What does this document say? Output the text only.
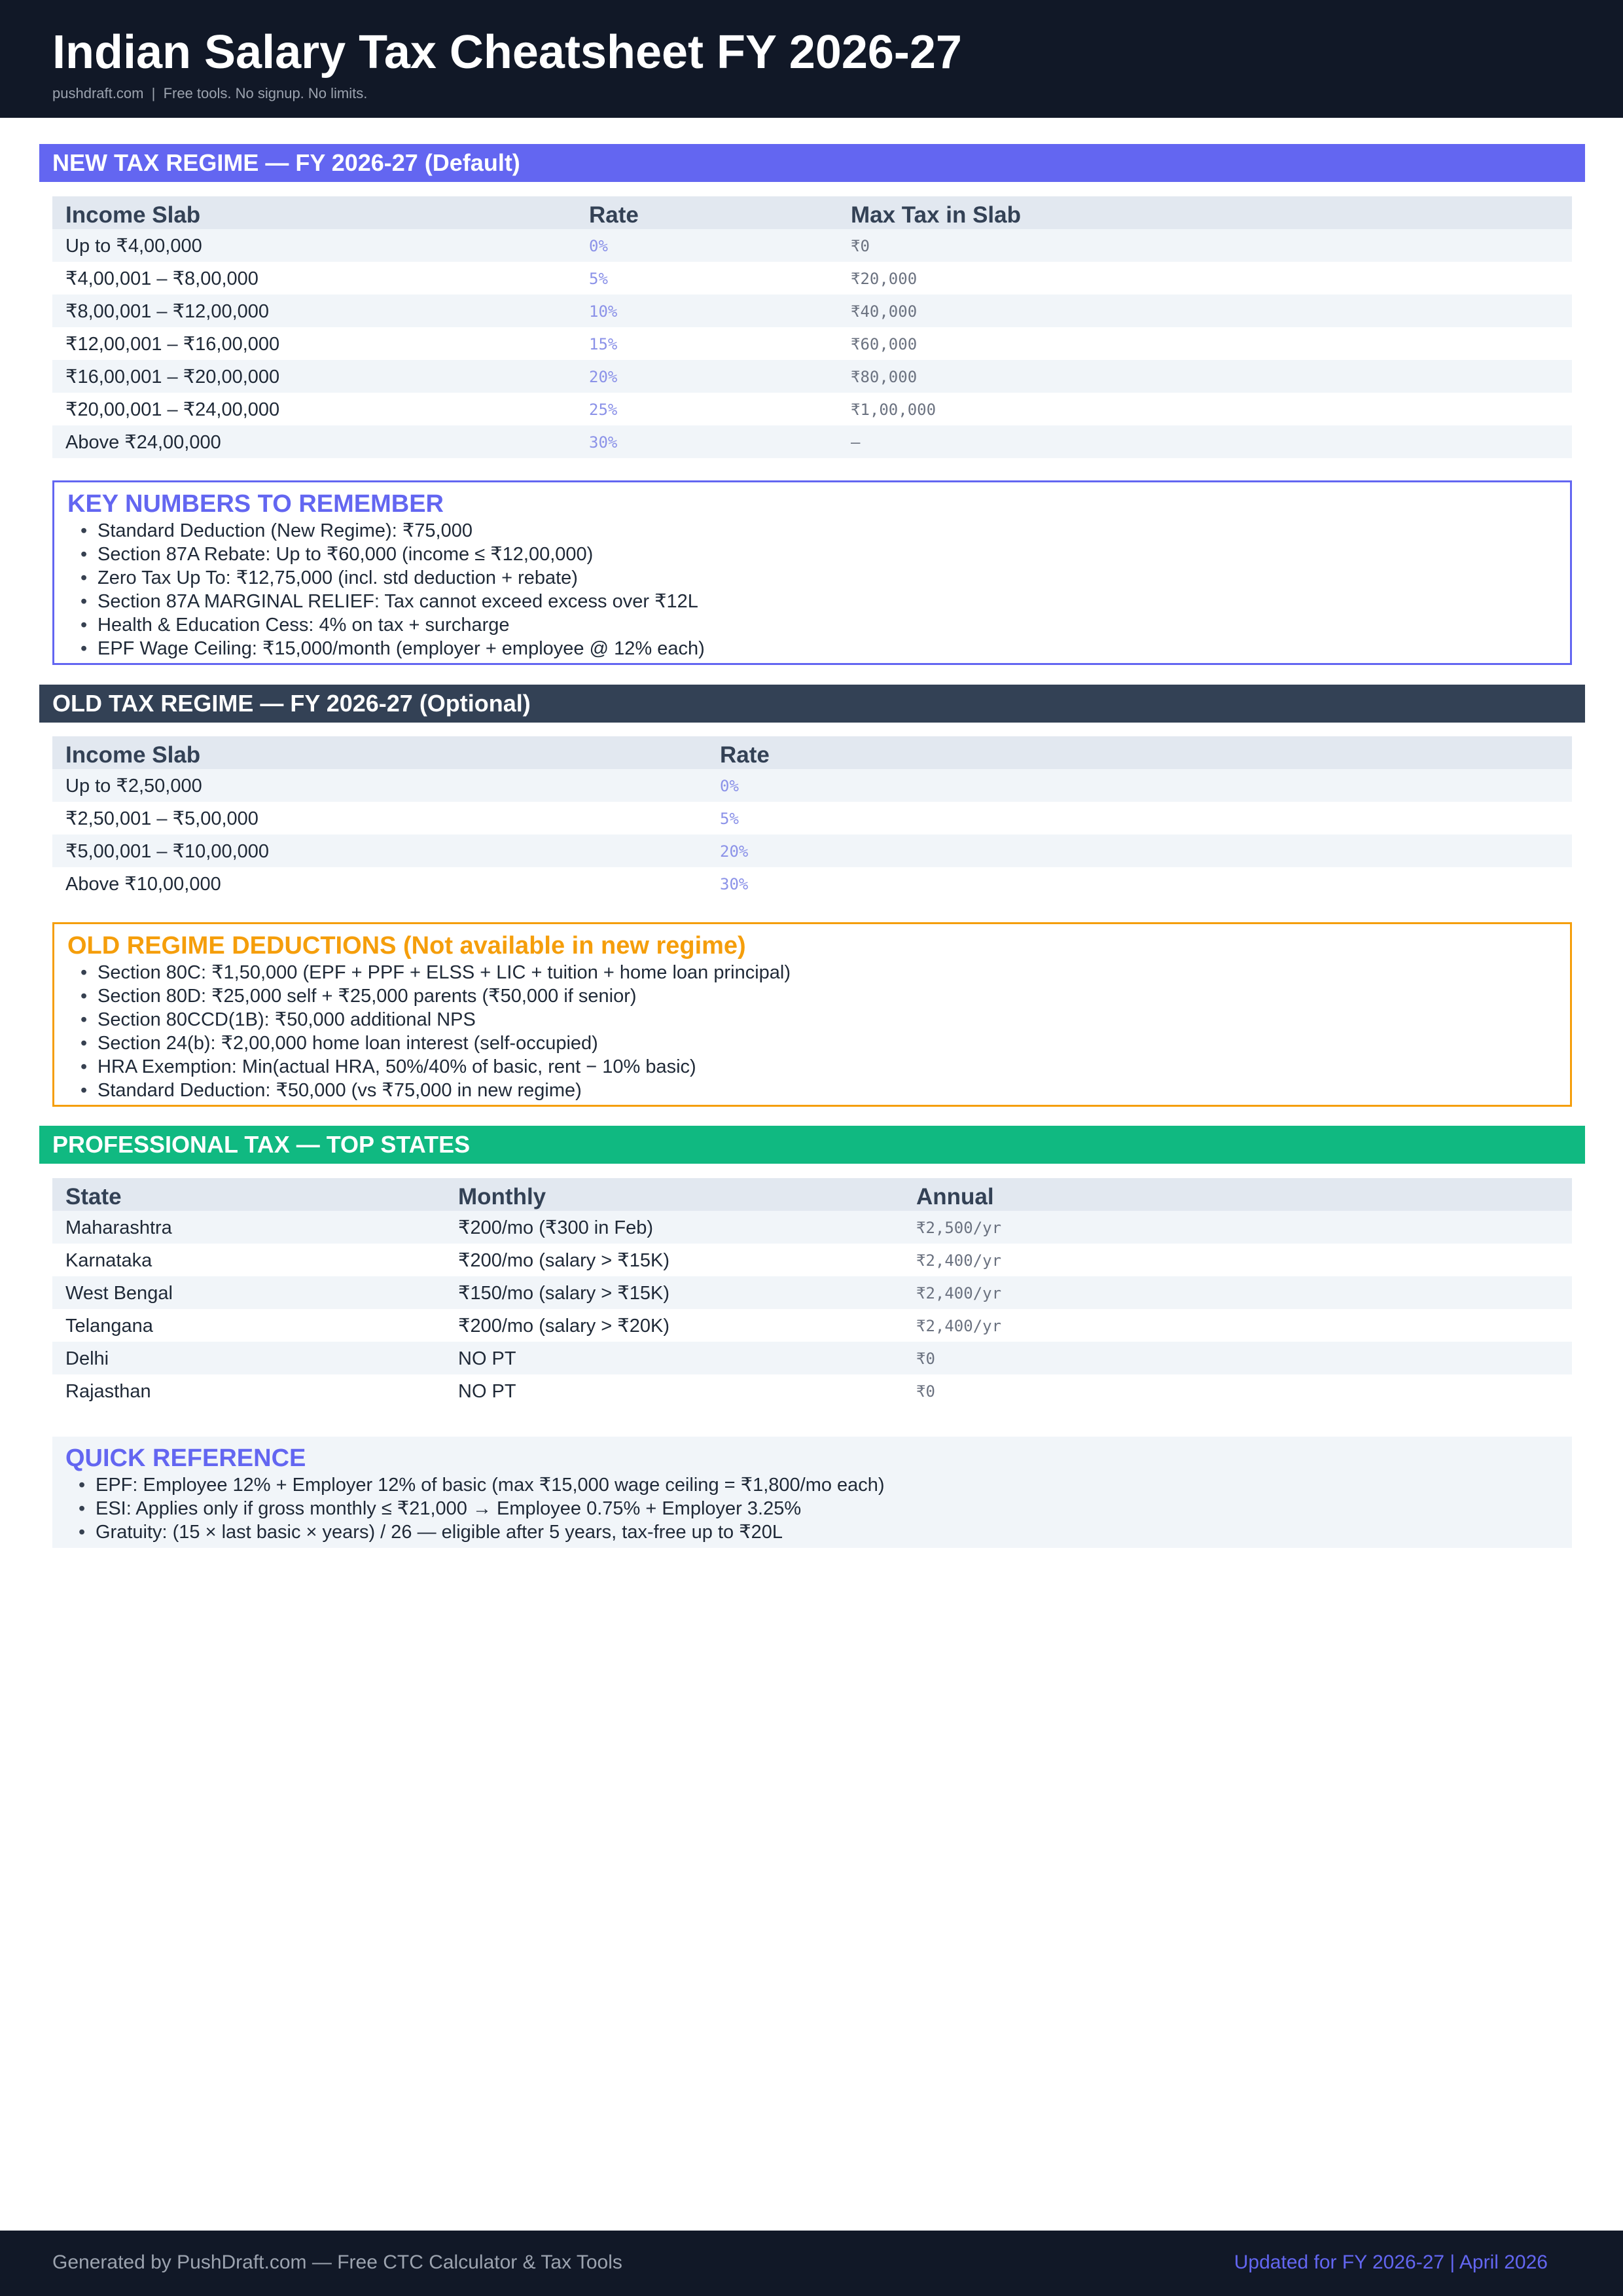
Indian Salary Tax Cheatsheet FY 2026-27
pushdraft.com  |  Free tools. No signup. No limits.
NEW TAX REGIME — FY 2026-27 (Default)
Income Slab	Rate	Max Tax in Slab
Up to ₹4,00,000	0%	₹0
₹4,00,001 – ₹8,00,000	5%	₹20,000
₹8,00,001 – ₹12,00,000	10%	₹40,000
₹12,00,001 – ₹16,00,000	15%	₹60,000
₹16,00,001 – ₹20,00,000	20%	₹80,000
₹20,00,001 – ₹24,00,000	25%	₹1,00,000
Above ₹24,00,000	30%	—
KEY NUMBERS TO REMEMBER
• Standard Deduction (New Regime): ₹75,000
• Section 87A Rebate: Up to ₹60,000 (income ≤ ₹12,00,000)
• Zero Tax Up To: ₹12,75,000 (incl. std deduction + rebate)
• Section 87A MARGINAL RELIEF: Tax cannot exceed excess over ₹12L
• Health & Education Cess: 4% on tax + surcharge
• EPF Wage Ceiling: ₹15,000/month (employer + employee @ 12% each)
OLD TAX REGIME — FY 2026-27 (Optional)
Income Slab	Rate
Up to ₹2,50,000	0%
₹2,50,001 – ₹5,00,000	5%
₹5,00,001 – ₹10,00,000	20%
Above ₹10,00,000	30%
OLD REGIME DEDUCTIONS (Not available in new regime)
• Section 80C: ₹1,50,000 (EPF + PPF + ELSS + LIC + tuition + home loan principal)
• Section 80D: ₹25,000 self + ₹25,000 parents (₹50,000 if senior)
• Section 80CCD(1B): ₹50,000 additional NPS
• Section 24(b): ₹2,00,000 home loan interest (self-occupied)
• HRA Exemption: Min(actual HRA, 50%/40% of basic, rent − 10% basic)
• Standard Deduction: ₹50,000 (vs ₹75,000 in new regime)
PROFESSIONAL TAX — TOP STATES
State	Monthly	Annual
Maharashtra	₹200/mo (₹300 in Feb)	₹2,500/yr
Karnataka	₹200/mo (salary > ₹15K)	₹2,400/yr
West Bengal	₹150/mo (salary > ₹15K)	₹2,400/yr
Telangana	₹200/mo (salary > ₹20K)	₹2,400/yr
Delhi	NO PT	₹0
Rajasthan	NO PT	₹0
QUICK REFERENCE
• EPF: Employee 12% + Employer 12% of basic (max ₹15,000 wage ceiling = ₹1,800/mo each)
• ESI: Applies only if gross monthly ≤ ₹21,000 → Employee 0.75% + Employer 3.25%
• Gratuity: (15 × last basic × years) / 26 — eligible after 5 years, tax-free up to ₹20L
Generated by PushDraft.com — Free CTC Calculator & Tax Tools	Updated for FY 2026-27 | April 2026
